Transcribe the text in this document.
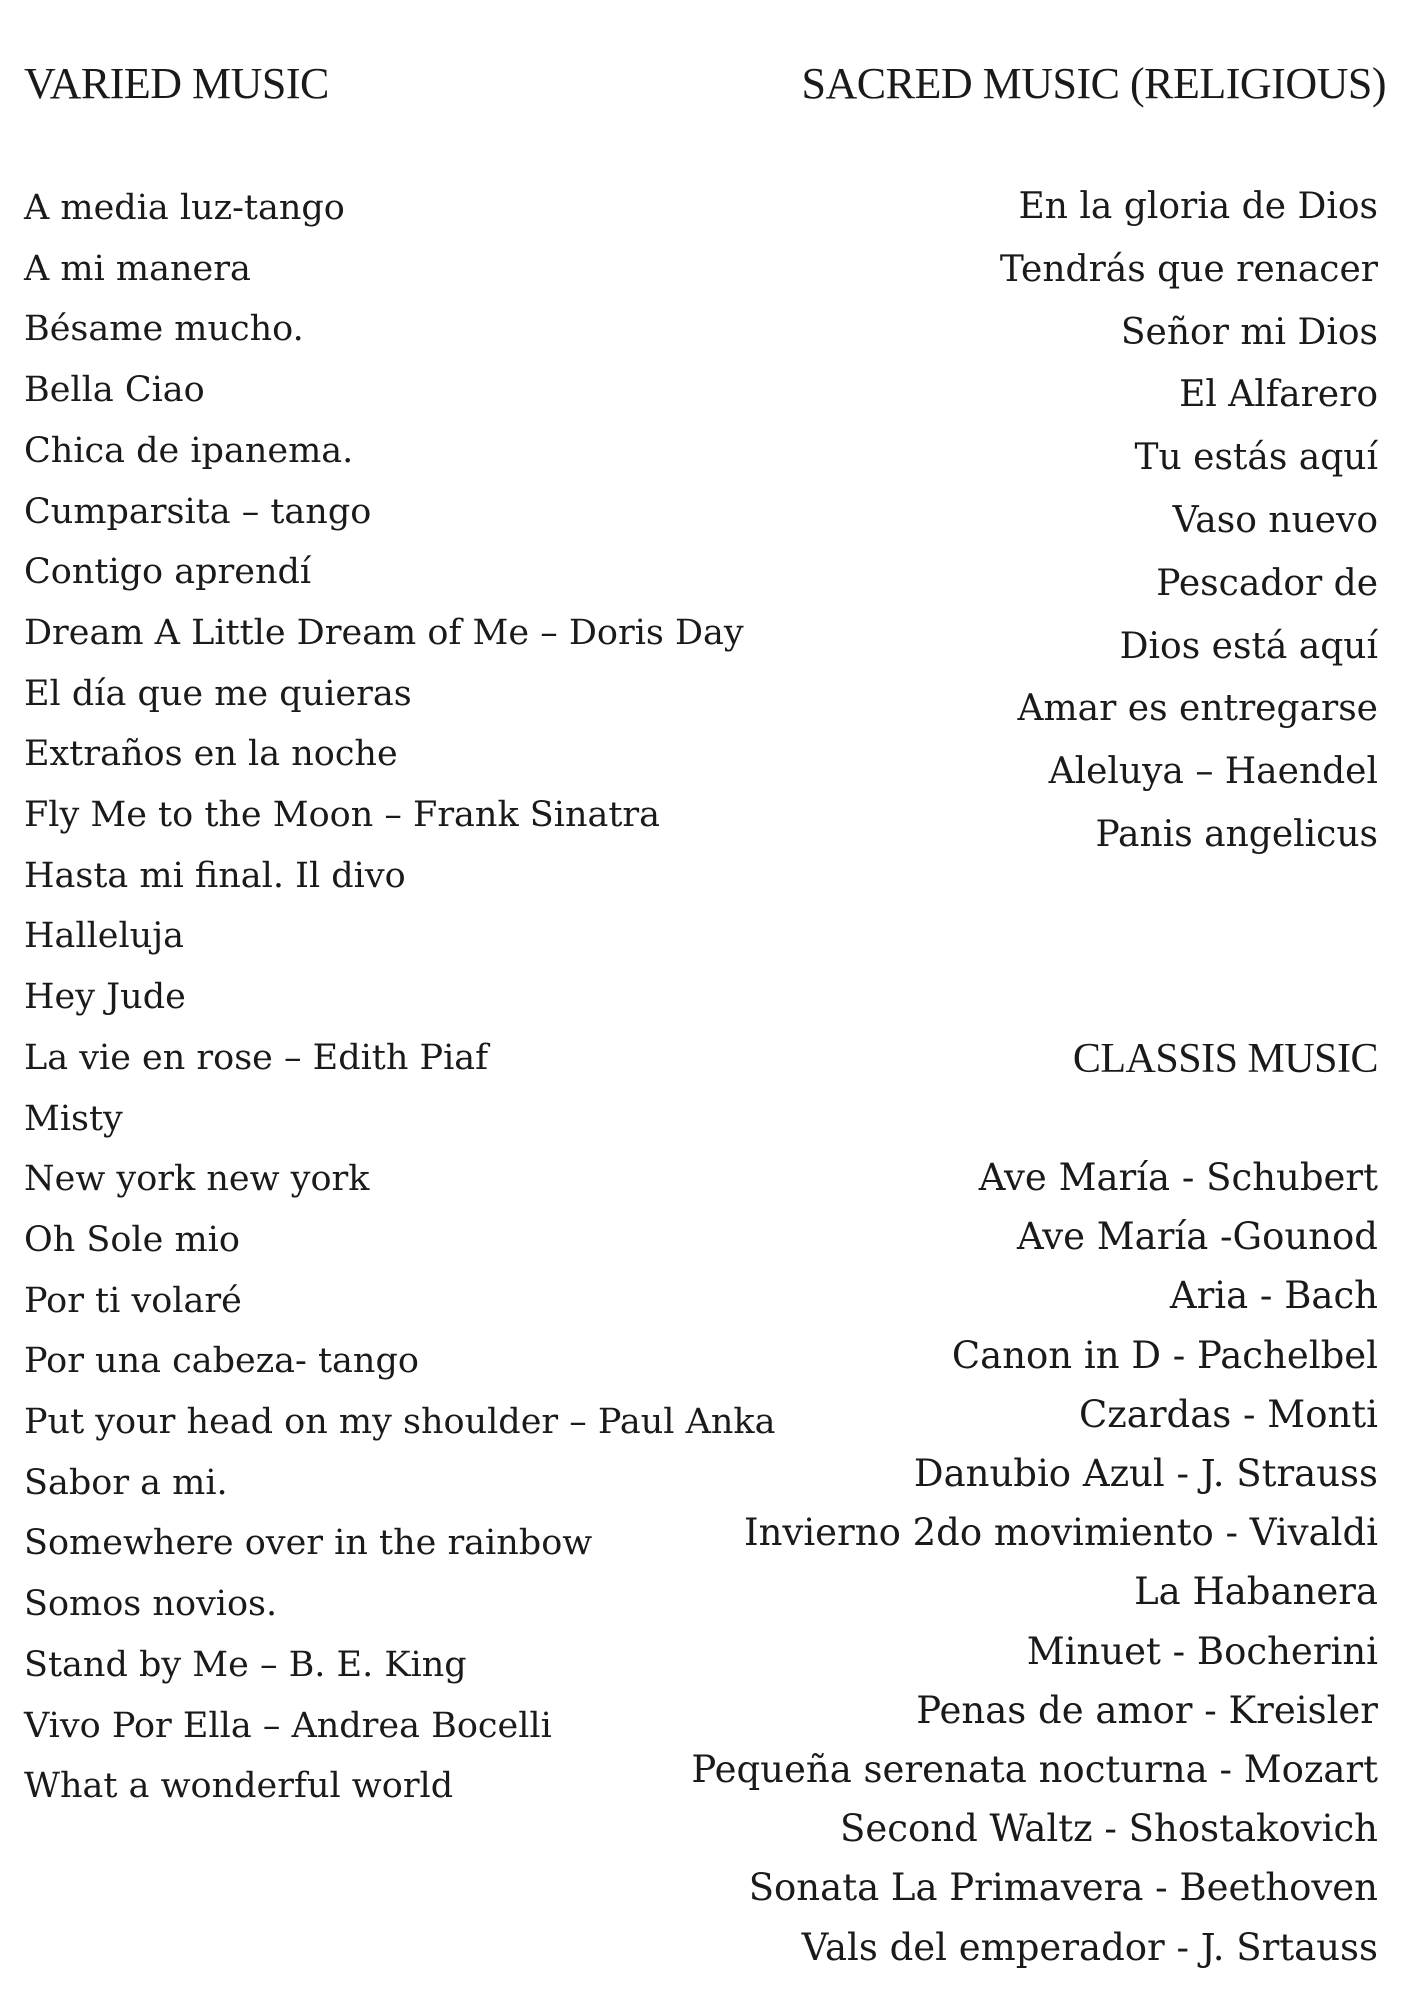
VARIED MUSIC
A media luz-tango
A mi manera
Bésame mucho.
Bella Ciao
Chica de ipanema.
Cumparsita – tango
Contigo aprendí
Dream A Little Dream of Me – Doris Day
El día que me quieras
Extraños en la noche
Fly Me to the Moon – Frank Sinatra
Hasta mi final. Il divo
Halleluja
Hey Jude
La vie en rose – Edith Piaf
Misty
New york new york
Oh Sole mio
Por ti volaré
Por una cabeza- tango
Put your head on my shoulder – Paul Anka
Sabor a mi.
Somewhere over in the rainbow
Somos novios.
Stand by Me – B. E. King
Vivo Por Ella – Andrea Bocelli
What a wonderful world
SACRED MUSIC (RELIGIOUS)
En la gloria de Dios
Tendrás que renacer
Señor mi Dios
El Alfarero
Tu estás aquí
Vaso nuevo
Pescador de
Dios está aquí
Amar es entregarse
Aleluya – Haendel
Panis angelicus
CLASSIS MUSIC
Ave María - Schubert
Ave María -Gounod
Aria - Bach
Canon in D - Pachelbel
Czardas - Monti
Danubio Azul - J. Strauss
Invierno 2do movimiento - Vivaldi
La Habanera
Minuet - Bocherini
Penas de amor - Kreisler
Pequeña serenata nocturna - Mozart
Second Waltz - Shostakovich
Sonata La Primavera - Beethoven
Vals del emperador - J. Srtauss
